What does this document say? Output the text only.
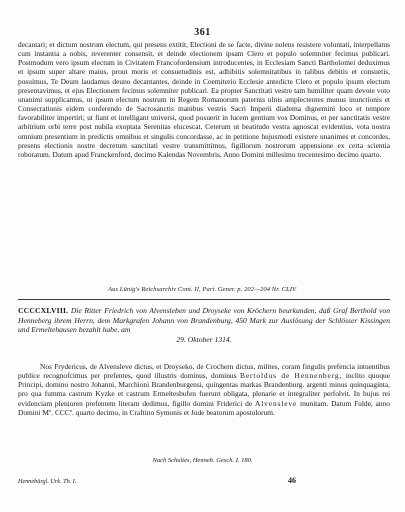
361

decantari; et dictum nostrum electum, qui presens extitit, Electioni de se facte, divine nolens resistere voluntati, interpellatus cum instantia a nobis, reverenter consensit, et deinde electionem ipsam Clero et populo solemniter fecimus publicari. Postmodum vero ipsum electum in Civitatem Francofordensium introducentes, in Ecclesiam Sancti Bartholomei deduximus et ipsum super altare maius, prout moris et consuetudinis est, adhibitis solemnitatibus in talibus debitis et consuetis, posuimus, Te Deum laudamus deuno decantantes, deinde in Coemiterio Ecclesie antedicte Clero et populo ipsum electum presentavimus, et ejus Electionem fecimus solemniter publicari. Ea propter Sanctitati vestre tam humiliter quam devote voto unanimi supplicamus, ut ipsum electum nostrum in Regem Romanorum paternis ulnis amplectentes munus inunctionis et Consecrationis eidem conferendo de Sacrosanctis manibus vestris Sacri Imperii diadema dignemini loco et tempore favorabiliter impertiri; ut fiant et intelligant universi, quod posuerit in lucem gentium vos Dominus, et per sanctitatis vestre arbitrium orbi terre post nubila exoptata Serenitas elucescat. Ceterum ut beatitudo vestra agnoscat evidentius, vota nostra omnium presentium in predictis omnibus et singulis concordasse, ac in petitione hujusmodi existere unanimes et concordes, presens electionis nostre decretum sanctitati vestre transmittimus, figillorum nostrorum appensione ex certa scientia roboratum. Datum apud Franckenford, decimo Kalendas Novembris, Anno Domini millesimo trecentesimo decimo quarto.

Aus Lünig's Reichsarchiv Cont. II, Part. Gener. p. 202—204 Nr. CLIV.
CCCCXLVIII. Die Ritter Friedrich von Alvensleben und Droyseke von Kröchern beurkunden, daß Graf Berthold von Henneberg ihrem Herrn, dem Markgrafen Johann von Brandenburg, 450 Mark zur Auslösung der Schlösser Kissingen und Ermeltehausen bezahlt habe, am
29. Oktober 1314.

Nos Frydericus, de Alvensleve dictus, et Droyseko, de Crochern dictus, milites, coram fingulis prefencia intuentibus publice recognofcimus per prefentes, quod illustris dominus, dominus Bertoldus de Hennenberg, inclito quoque Principi, domino nostro Johanni, Marchioni Brandenburgensi, quingentas markas Brandenburg. argenti minus quinquaginta, pro qua fumma castrum Kyzke et castrum Ermeltesbufen fuerunt obligata, plenarie et integraliter perfolvit. In hujus rei evidenciam plenioren prefentem literam dedimus, figillo domini Friderici de Alvensleve munitam. Datum Fulde, anno Domini Mº. CCCº. quarto decimo, in Craftino Symonis et Jude beatorum apostolorum.

Nach Schultes, Henneb. Gesch. I. 180.
Hennebürgl. Urk. Th. I.	46
